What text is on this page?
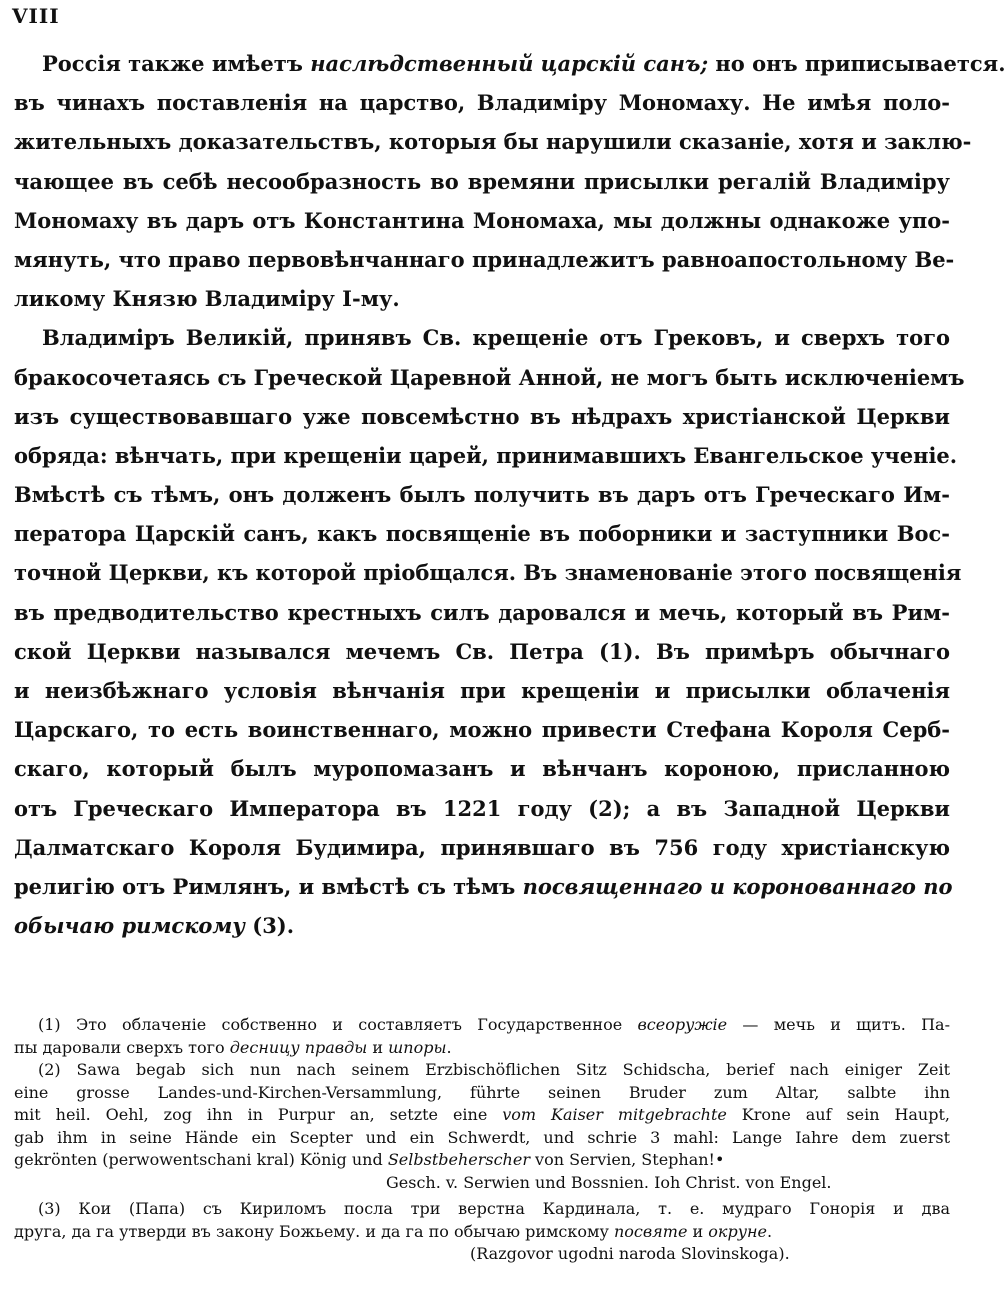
VIII
Россія также имѣетъ наслѣдственный царскій санъ; но онъ приписывается.
въ чинахъ поставленія на царство, Владиміру Мономаху. Не имѣя поло-
жительныхъ доказательствъ, которыя бы нарушили сказаніе, хотя и заклю-
чающее въ себѣ несообразность во времяни присылки регалій Владиміру
Мономаху въ даръ отъ Константина Мономаха, мы должны однакоже упо-
мянуть, что право первовѣнчаннаго принадлежитъ равноапостольному Ве-
ликому Князю Владиміру І-му.
Владиміръ Великій, принявъ Св. крещеніе отъ Грековъ, и сверхъ того
бракосочетаясь съ Греческой Царевной Анной, не могъ быть исключеніемъ
изъ существовавшаго уже повсемѣстно въ нѣдрахъ христіанской Церкви
обряда: вѣнчать, при крещеніи царей, принимавшихъ Евангельское ученіе.
Вмѣстѣ съ тѣмъ, онъ долженъ былъ получить въ даръ отъ Греческаго Им-
ператора Царскій санъ, какъ посвященіе въ поборники и заступники Вос-
точной Церкви, къ которой пріобщался. Въ знаменованіе этого посвященія
въ предводительство крестныхъ силъ даровался и мечь, который въ Рим-
ской Церкви назывался мечемъ Св. Петра (1). Въ примѣръ обычнаго
и неизбѣжнаго условія вѣнчанія при крещеніи и присылки облаченія
Царскаго, то есть воинственнаго, можно привести Стефана Короля Серб-
скаго, который былъ муропомазанъ и вѣнчанъ короною, присланною
отъ Греческаго Императора въ 1221 году (2); а въ Западной Церкви
Далматскаго Короля Будимира, принявшаго въ 756 году христіанскую
религію отъ Римлянъ, и вмѣстѣ съ тѣмъ посвященнаго и коронованнаго по
обычаю римскому (3).
(1) Это облаченіе собственно и составляетъ Государственное всеоружіе — мечь и щитъ. Па-
пы даровали сверхъ того десницу правды и шпоры.
(2) Sawa begab sich nun nach seinem Erzbischöflichen Sitz Schidscha, berief nach einiger Zeit
eine grosse Landes-und-Kirchen-Versammlung, führte seinen Bruder zum Altar, salbte ihn
mit heil. Oehl, zog ihn in Purpur an, setzte eine vom Kaiser mitgebrachte Krone auf sein Haupt,
gab ihm in seine Hände ein Scepter und ein Schwerdt, und schrie 3 mahl: Lange Iahre dem zuerst
gekrönten (perwowentschani kral) König und Selbstbeherscher von Servien, Stephan!•
Gesch. v. Serwien und Bossnien. Ioh Christ. von Engel.
(3) Кои (Папа) съ Кириломъ посла три верстна Кардинала, т. е. мудраго Гонорія и два
друга, да га утверди въ закону Божьему. и да га по обычаю римскому посвяте и окруне.
(Razgovor ugodni naroda Slovinskoga).
